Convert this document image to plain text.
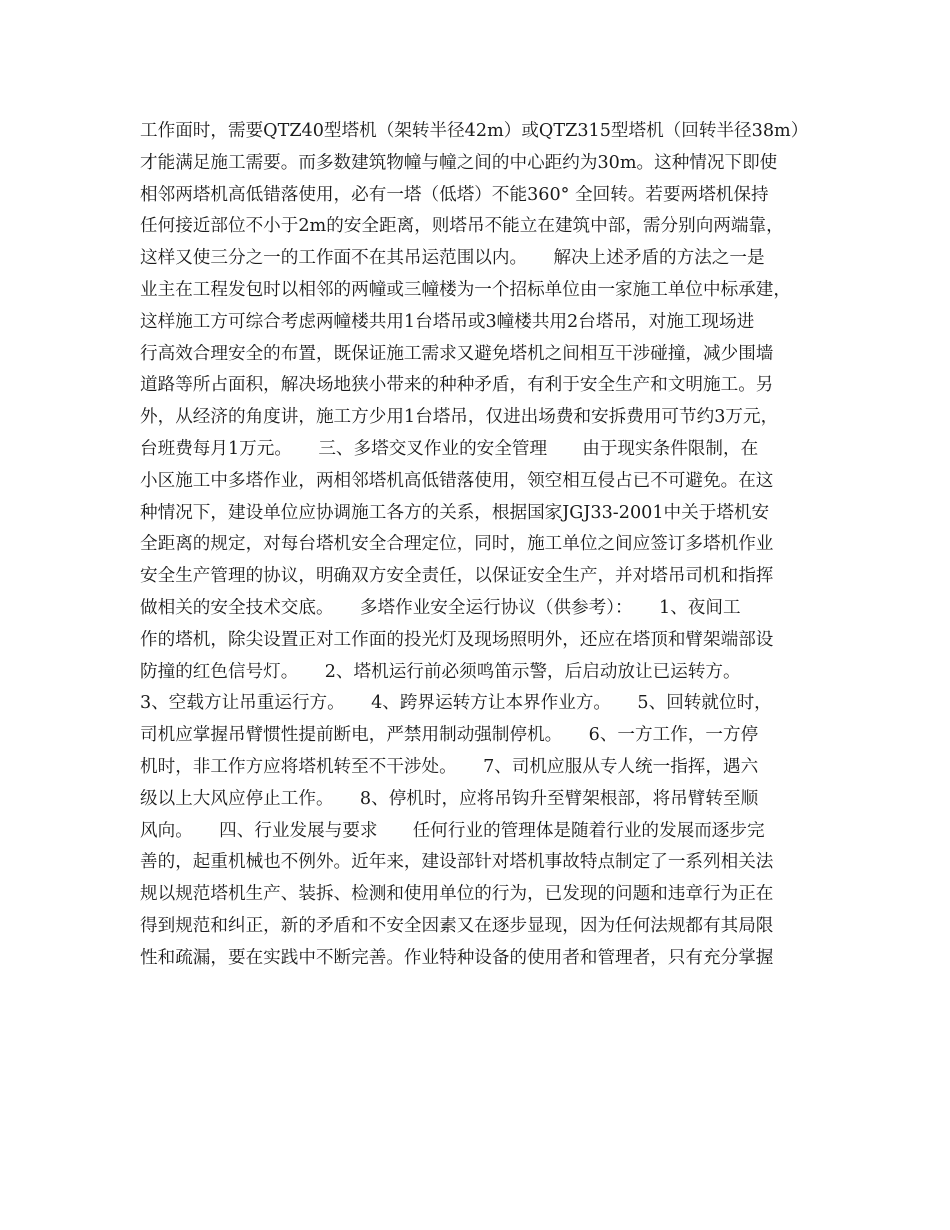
工作面时，需要QTZ40型塔机（架转半径42m）或QTZ315型塔机（回转半径38m）
才能满足施工需要。而多数建筑物幢与幢之间的中心距约为30m。这种情况下即使
相邻两塔机高低错落使用，必有一塔（低塔）不能360° 全回转。若要两塔机保持
任何接近部位不小于2m的安全距离，则塔吊不能立在建筑中部，需分别向两端靠，
这样又使三分之一的工作面不在其吊运范围以内。　　解决上述矛盾的方法之一是
业主在工程发包时以相邻的两幢或三幢楼为一个招标单位由一家施工单位中标承建，
这样施工方可综合考虑两幢楼共用1台塔吊或3幢楼共用2台塔吊，对施工现场进
行高效合理安全的布置，既保证施工需求又避免塔机之间相互干涉碰撞，减少围墙
道路等所占面积，解决场地狭小带来的种种矛盾，有利于安全生产和文明施工。另
外，从经济的角度讲，施工方少用1台塔吊，仅进出场费和安拆费用可节约3万元，
台班费每月1万元。　　三、多塔交叉作业的安全管理　　由于现实条件限制，在
小区施工中多塔作业，两相邻塔机高低错落使用，领空相互侵占已不可避免。在这
种情况下，建设单位应协调施工各方的关系，根据国家JGJ33-2001中关于塔机安
全距离的规定，对每台塔机安全合理定位，同时，施工单位之间应签订多塔机作业
安全生产管理的协议，明确双方安全责任，以保证安全生产，并对塔吊司机和指挥
做相关的安全技术交底。　　多塔作业安全运行协议（供参考）：　　1、夜间工
作的塔机，除尖设置正对工作面的投光灯及现场照明外，还应在塔顶和臂架端部设
防撞的红色信号灯。　　2、塔机运行前必须鸣笛示警，后启动放让已运转方。
3、空载方让吊重运行方。　　4、跨界运转方让本界作业方。　　5、回转就位时，
司机应掌握吊臂惯性提前断电，严禁用制动强制停机。　　6、一方工作，一方停
机时，非工作方应将塔机转至不干涉处。　　7、司机应服从专人统一指挥，遇六
级以上大风应停止工作。　　8、停机时，应将吊钩升至臂架根部，将吊臂转至顺
风向。　　四、行业发展与要求　　任何行业的管理体是随着行业的发展而逐步完
善的，起重机械也不例外。近年来，建设部针对塔机事故特点制定了一系列相关法
规以规范塔机生产、装拆、检测和使用单位的行为，已发现的问题和违章行为正在
得到规范和纠正，新的矛盾和不安全因素又在逐步显现，因为任何法规都有其局限
性和疏漏，要在实践中不断完善。作业特种设备的使用者和管理者，只有充分掌握
